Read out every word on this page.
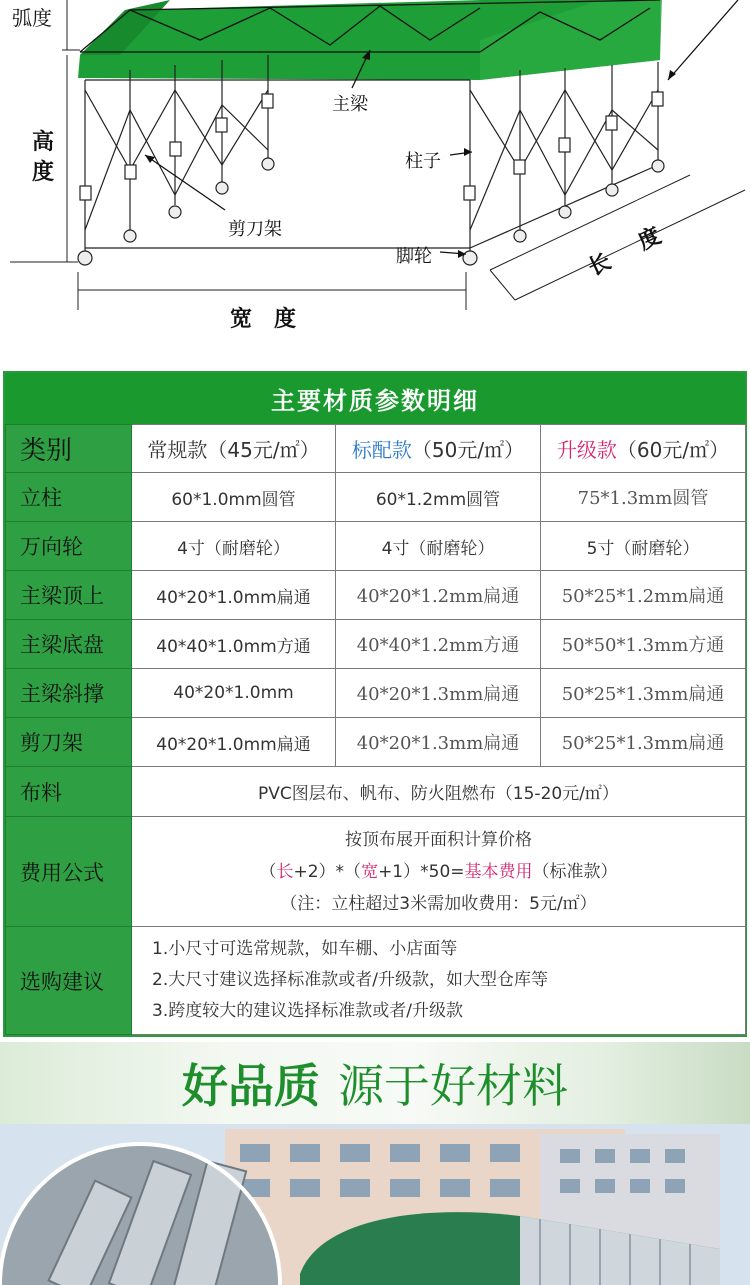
弧度
高
度
主梁
柱子
剪刀架
脚轮
宽　度
长
度
主要材质参数明细
类别	常规款（45元/㎡）	标配款（50元/㎡）	升级款（60元/㎡）
立柱	60*1.0mm圆管	60*1.2mm圆管	75*1.3mm圆管
万向轮	4寸（耐磨轮）	4寸（耐磨轮）	5寸（耐磨轮）
主梁顶上	40*20*1.0mm扁通	40*20*1.2mm扁通	50*25*1.2mm扁通
主梁底盘	40*40*1.0mm方通	40*40*1.2mm方通	50*50*1.3mm方通
主梁斜撑	40*20*1.0mm	40*20*1.3mm扁通	50*25*1.3mm扁通
剪刀架	40*20*1.0mm扁通	40*20*1.3mm扁通	50*25*1.3mm扁通
布料	PVC图层布、帆布、防火阻燃布（15-20元/㎡）		
费用公式	按顶布展开面积计算价格
（长+2）*（宽+1）*50=基本费用（标准款）
（注：立柱超过3米需加收费用：5元/㎡）		

选购建议	1.小尺寸可选常规款，如车棚、小店面等
2.大尺寸建议选择标准款或者/升级款，如大型仓库等
3.跨度较大的建议选择标准款或者/升级款		
好品质 源于好材料
